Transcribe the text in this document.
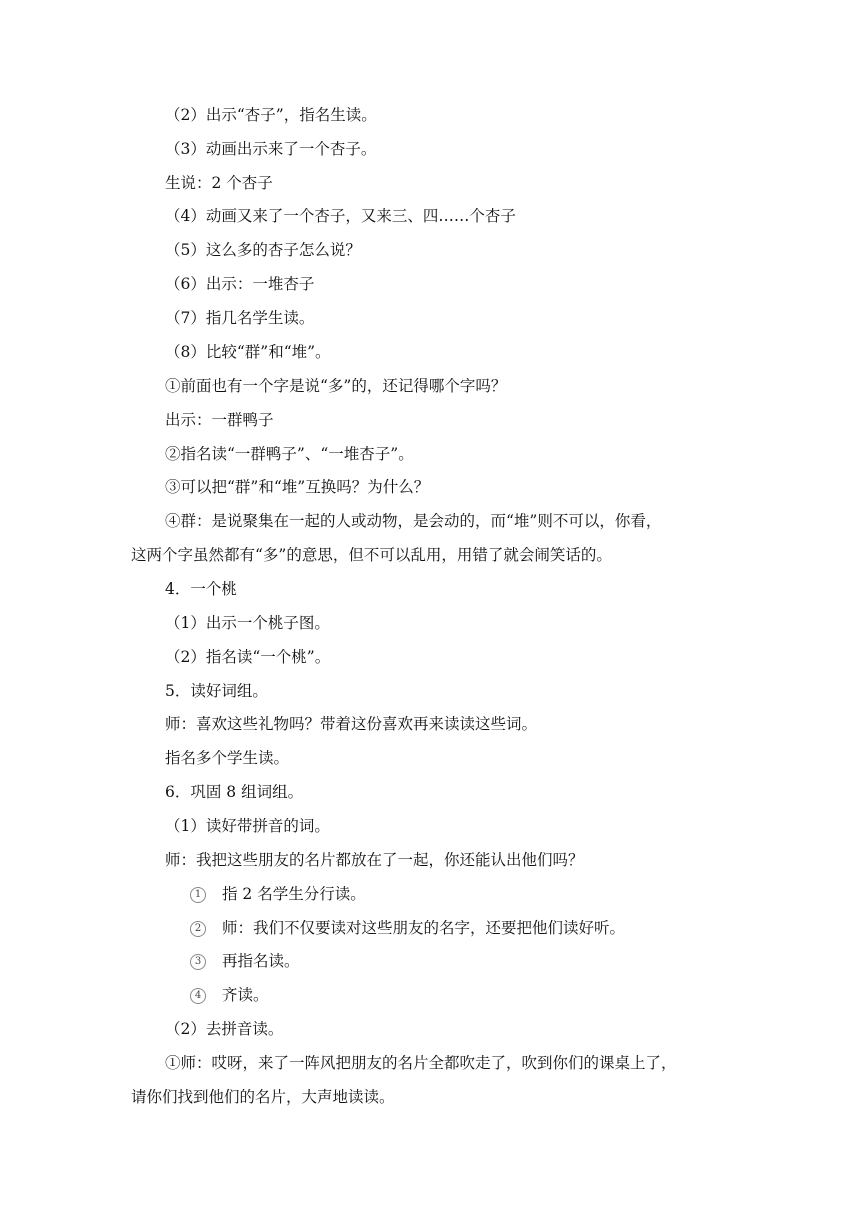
（2）出示“杏子”，指名生读。
（3）动画出示来了一个杏子。
生说：2 个杏子
（4）动画又来了一个杏子，又来三、四……个杏子
（5）这么多的杏子怎么说？
（6）出示：一堆杏子
（7）指几名学生读。
（8）比较“群”和“堆”。
①前面也有一个字是说“多”的，还记得哪个字吗？
出示：一群鸭子
②指名读“一群鸭子”、“一堆杏子”。
③可以把“群”和“堆”互换吗？为什么？
④群：是说聚集在一起的人或动物，是会动的，而“堆”则不可以，你看，
这两个字虽然都有“多”的意思，但不可以乱用，用错了就会闹笑话的。
4．一个桃
（1）出示一个桃子图。
（2）指名读“一个桃”。
5．读好词组。
师：喜欢这些礼物吗？带着这份喜欢再来读读这些词。
指名多个学生读。
6．巩固 8 组词组。
（1）读好带拼音的词。
师：我把这些朋友的名片都放在了一起，你还能认出他们吗？
1 指 2 名学生分行读。
2 师：我们不仅要读对这些朋友的名字，还要把他们读好听。
3 再指名读。
4 齐读。
（2）去拼音读。
①师：哎呀，来了一阵风把朋友的名片全都吹走了，吹到你们的课桌上了，
请你们找到他们的名片，大声地读读。
